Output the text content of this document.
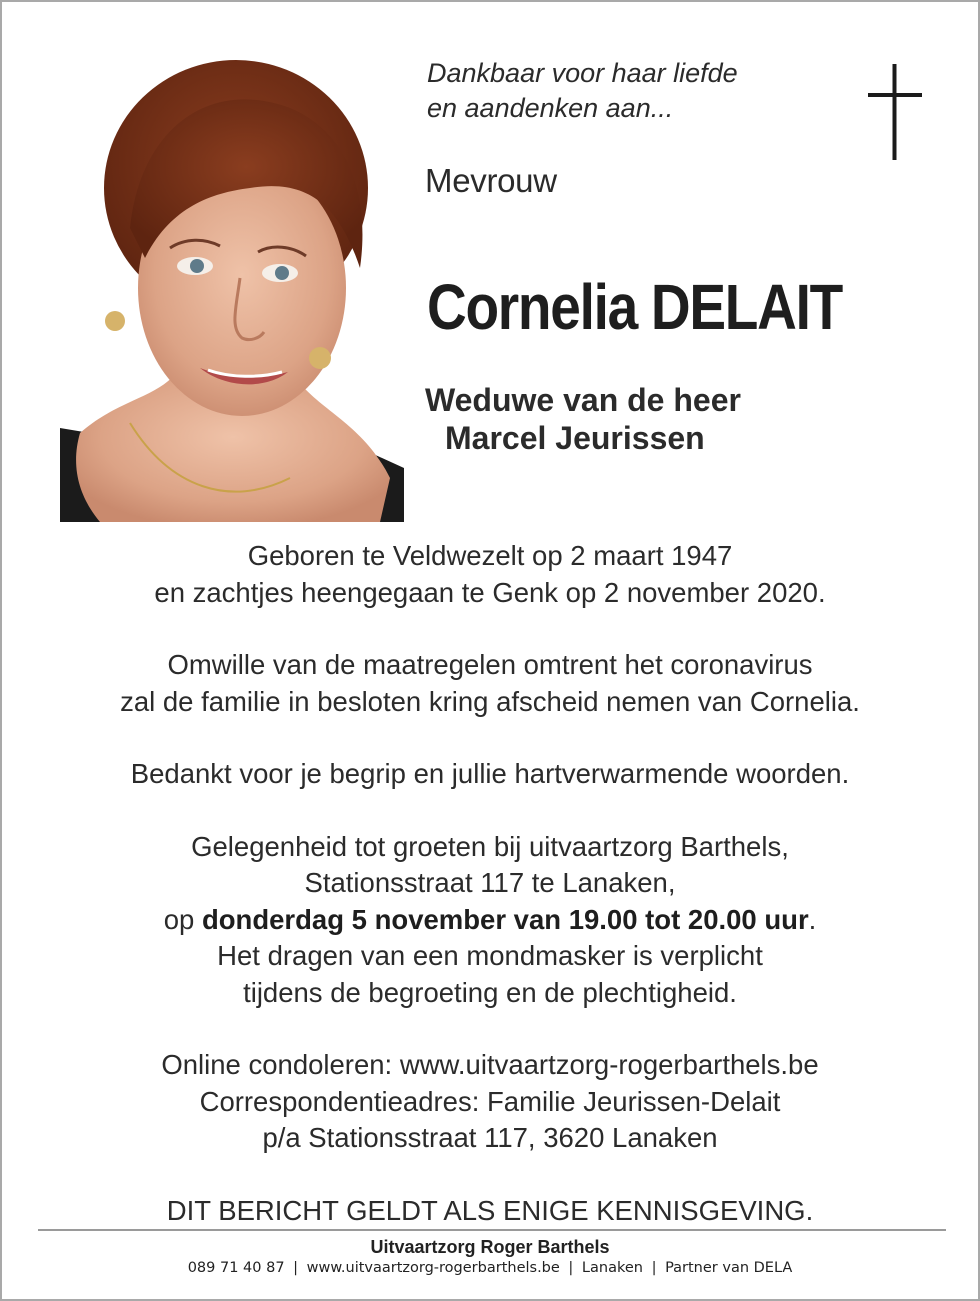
Dankbaar voor haar liefde
en aandenken aan...
Mevrouw
Cornelia DELAIT
Weduwe van de heer
Marcel Jeurissen

Geboren te Veldwezelt op 2 maart 1947
en zachtjes heengegaan te Genk op 2 november 2020.

Omwille van de maatregelen omtrent het coronavirus
zal de familie in besloten kring afscheid nemen van Cornelia.

Bedankt voor je begrip en jullie hartverwarmende woorden.

Gelegenheid tot groeten bij uitvaartzorg Barthels,
Stationsstraat 117 te Lanaken,
op donderdag 5 november van 19.00 tot 20.00 uur.
Het dragen van een mondmasker is verplicht
tijdens de begroeting en de plechtigheid.

Online condoleren: www.uitvaartzorg-rogerbarthels.be
Correspondentieadres: Familie Jeurissen-Delait
p/a Stationsstraat 117, 3620 Lanaken

DIT BERICHT GELDT ALS ENIGE KENNISGEVING.

Uitvaartzorg Roger Barthels
089 71 40 87 | www.uitvaartzorg-rogerbarthels.be | Lanaken | Partner van DELA
